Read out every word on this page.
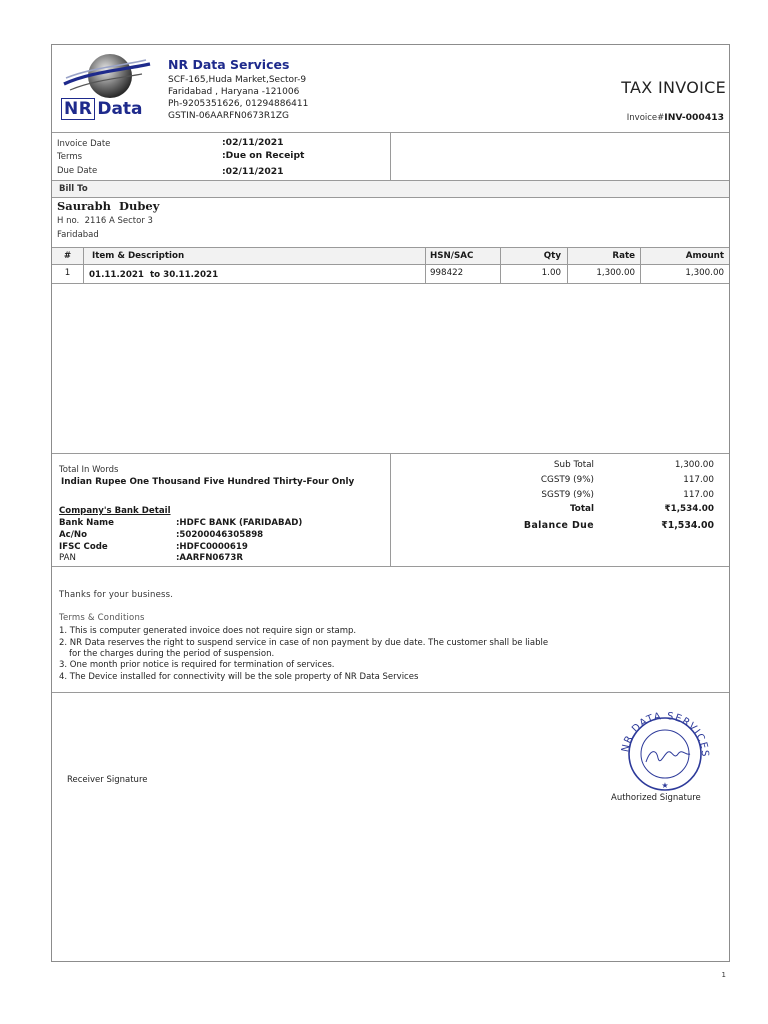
NR Data
NR Data Services
SCF-165,Huda Market,Sector-9
Faridabad , Haryana -121006
Ph-9205351626, 01294886411
GSTIN-06AARFN0673R1ZG
TAX INVOICE
Invoice#INV-000413
Invoice Date	:02/11/2021
Terms	:Due on Receipt
Due Date	:02/11/2021
Bill To
Saurabh  Dubey
H no.  2116 A Sector 3
Faridabad
#	Item & Description	HSN/SAC	Qty	Rate	Amount
1	01.11.2021  to 30.11.2021	998422	1.00	1,300.00	1,300.00
Total In Words
Indian Rupee One Thousand Five Hundred Thirty-Four Only
Company's Bank Detail
Bank Name	:HDFC BANK (FARIDABAD)
Ac/No	:50200046305898
IFSC Code	:HDFC0000619
PAN	:AARFN0673R
Sub Total	1,300.00
CGST9 (9%)	117.00
SGST9 (9%)	117.00
Total	₹1,534.00
Balance Due	₹1,534.00
Thanks for your business.
Terms & Conditions
1. This is computer generated invoice does not require sign or stamp.
2. NR Data reserves the right to suspend service in case of non payment by due date. The customer shall be liable
for the charges during the period of suspension.
3. One month prior notice is required for termination of services.
4. The Device installed for connectivity will be the sole property of NR Data Services
Receiver Signature
NR DATA SERVICES
★
Authorized Signature
1
